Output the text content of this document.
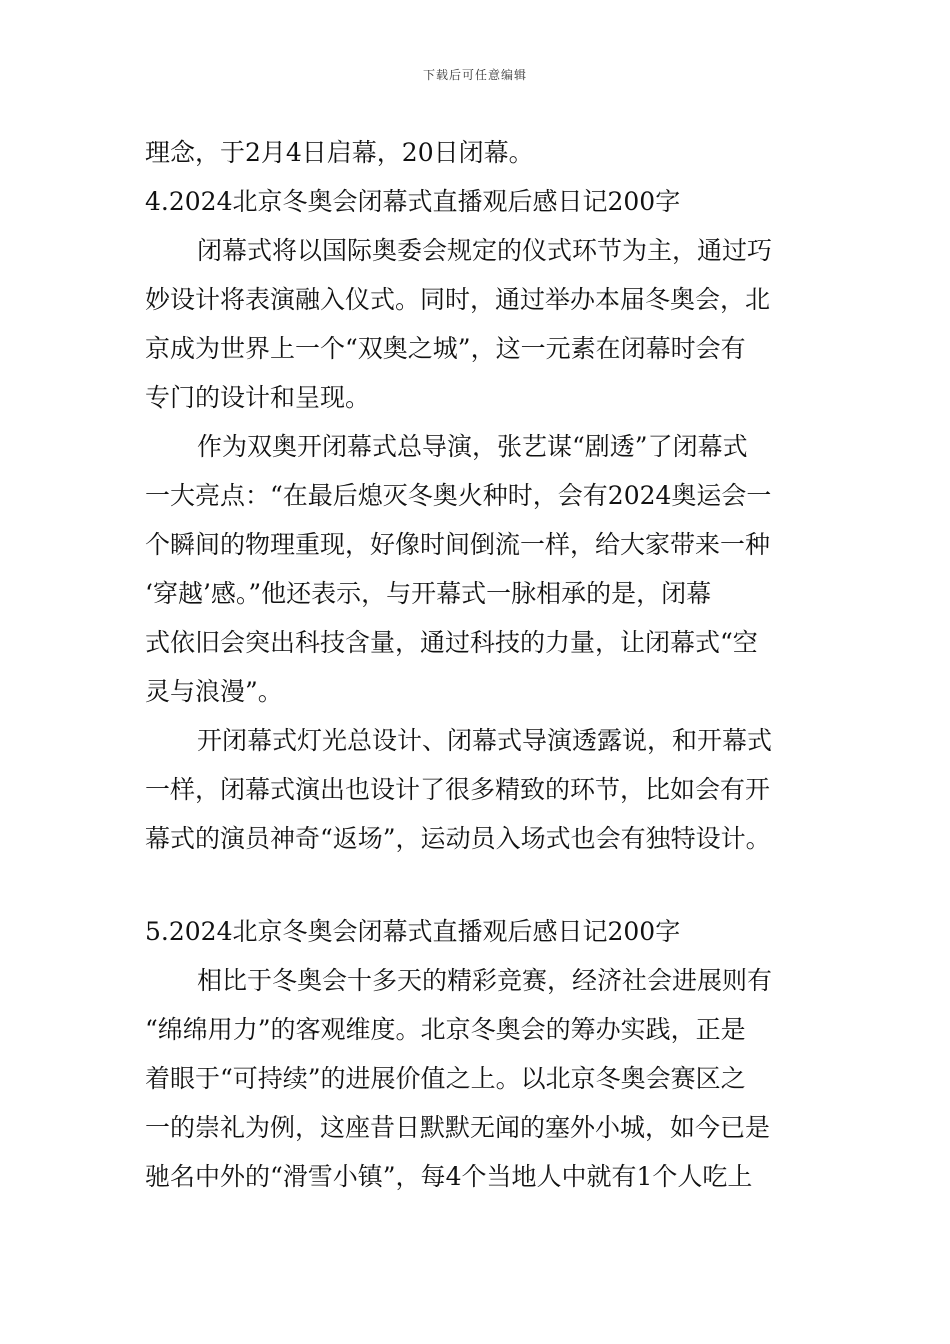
下载后可任意编辑
理念，于2月4日启幕，20日闭幕。
4.2024北京冬奥会闭幕式直播观后感日记200字
闭幕式将以国际奥委会规定的仪式环节为主，通过巧
妙设计将表演融入仪式。同时，通过举办本届冬奥会，北
京成为世界上一个“双奥之城”，这一元素在闭幕时会有
专门的设计和呈现。
作为双奥开闭幕式总导演，张艺谋“剧透”了闭幕式
一大亮点：“在最后熄灭冬奥火种时，会有2024奥运会一
个瞬间的物理重现，好像时间倒流一样，给大家带来一种
‘穿越’感。”他还表示，与开幕式一脉相承的是，闭幕
式依旧会突出科技含量，通过科技的力量，让闭幕式“空
灵与浪漫”。
开闭幕式灯光总设计、闭幕式导演透露说，和开幕式
一样，闭幕式演出也设计了很多精致的环节，比如会有开
幕式的演员神奇“返场”，运动员入场式也会有独特设计。
5.2024北京冬奥会闭幕式直播观后感日记200字
相比于冬奥会十多天的精彩竞赛，经济社会进展则有
“绵绵用力”的客观维度。北京冬奥会的筹办实践，正是
着眼于“可持续”的进展价值之上。以北京冬奥会赛区之
一的崇礼为例，这座昔日默默无闻的塞外小城，如今已是
驰名中外的“滑雪小镇”，每4个当地人中就有1个人吃上
